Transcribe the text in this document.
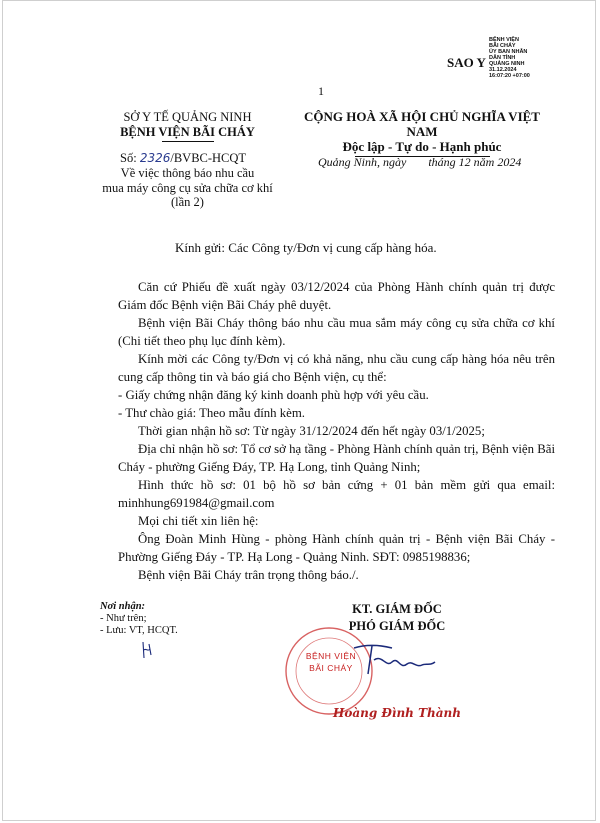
SAO Y
BỆNH VIỆN
BÃI CHÁY
ỦY BAN NHÂN
DÂN TỈNH
QUẢNG NINH
31.12.2024
16:07:20 +07:00
1
SỞ Y TẾ QUẢNG NINH
BỆNH VIỆN BÃI CHÁY
CỘNG HOÀ XÃ HỘI CHỦ NGHĨA VIỆT NAM
Độc lập - Tự do - Hạnh phúc
Số: 2326/BVBC-HCQT
Về việc thông báo nhu cầu
mua máy công cụ sửa chữa cơ khí
(lần 2)
Quảng Ninh, ngày tháng 12 năm 2024
Kính gửi: Các Công ty/Đơn vị cung cấp hàng hóa.

Căn cứ Phiếu đề xuất ngày 03/12/2024 của Phòng Hành chính quản trị được Giám đốc Bệnh viện Bãi Cháy phê duyệt.

Bệnh viện Bãi Cháy thông báo nhu cầu mua sắm máy công cụ sửa chữa cơ khí (Chi tiết theo phụ lục đính kèm).

Kính mời các Công ty/Đơn vị có khả năng, nhu cầu cung cấp hàng hóa nêu trên cung cấp thông tin và báo giá cho Bệnh viện, cụ thể:

- Giấy chứng nhận đăng ký kinh doanh phù hợp với yêu cầu.

- Thư chào giá: Theo mẫu đính kèm.

Thời gian nhận hồ sơ: Từ ngày 31/12/2024 đến hết ngày 03/1/2025;

Địa chỉ nhận hồ sơ: Tổ cơ sở hạ tầng - Phòng Hành chính quản trị, Bệnh viện Bãi Cháy - phường Giếng Đáy, TP. Hạ Long, tỉnh Quảng Ninh;

Hình thức hồ sơ: 01 bộ hồ sơ bản cứng + 01 bản mềm gửi qua email:

minhhung691984@gmail.com

Mọi chi tiết xin liên hệ:

Ông Đoàn Minh Hùng - phòng Hành chính quản trị - Bệnh viện Bãi Cháy - Phường Giếng Đáy - TP. Hạ Long - Quảng Ninh. SĐT: 0985198836;

Bệnh viện Bãi Cháy trân trọng thông báo./.

Nơi nhận:
- Như trên;
- Lưu: VT, HCQT.
KT. GIÁM ĐỐC
PHÓ GIÁM ĐỐC
BỆNH VIỆN
BÃI CHÁY
Hoàng Đình Thành
